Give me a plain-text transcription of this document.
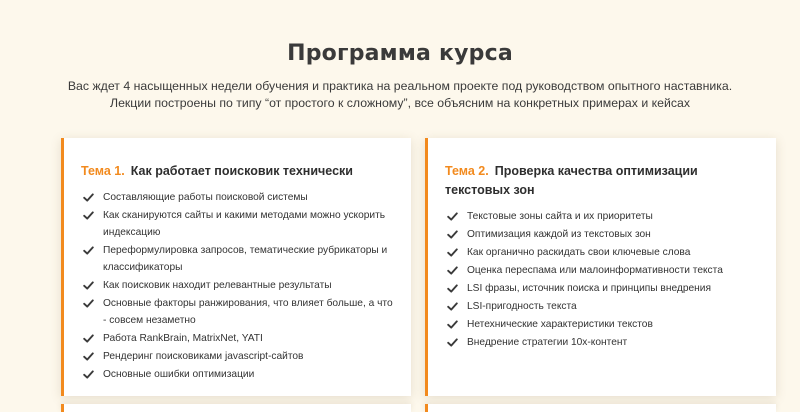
Программа курса

Вас ждет 4 насыщенных недели обучения и практика на реальном проекте под руководством опытного наставника. Лекции построены по типу “от простого к сложному”, все объясним на конкретных примерах и кейсах

Тема 1. Как работает поисковик технически
Составляющие работы поисковой системы
Как сканируются сайты и какими методами можно ускорить индексацию
Переформулировка запросов, тематические рубрикаторы и классификаторы
Как поисковик находит релевантные результаты
Основные факторы ранжирования, что влияет больше, а что - совсем незаметно
Работа RankBrain, MatrixNet, YATI
Рендеринг поисковиками javascript-сайтов
Основные ошибки оптимизации
Тема 2. Проверка качества оптимизации текстовых зон
Текстовые зоны сайта и их приоритеты
Оптимизация каждой из текстовых зон
Как органично раскидать свои ключевые слова
Оценка переспама или малоинформативности текста
LSI фразы, источник поиска и принципы внедрения
LSI-пригодность текста
Нетехнические характеристики текстов
Внедрение стратегии 10х-контент
